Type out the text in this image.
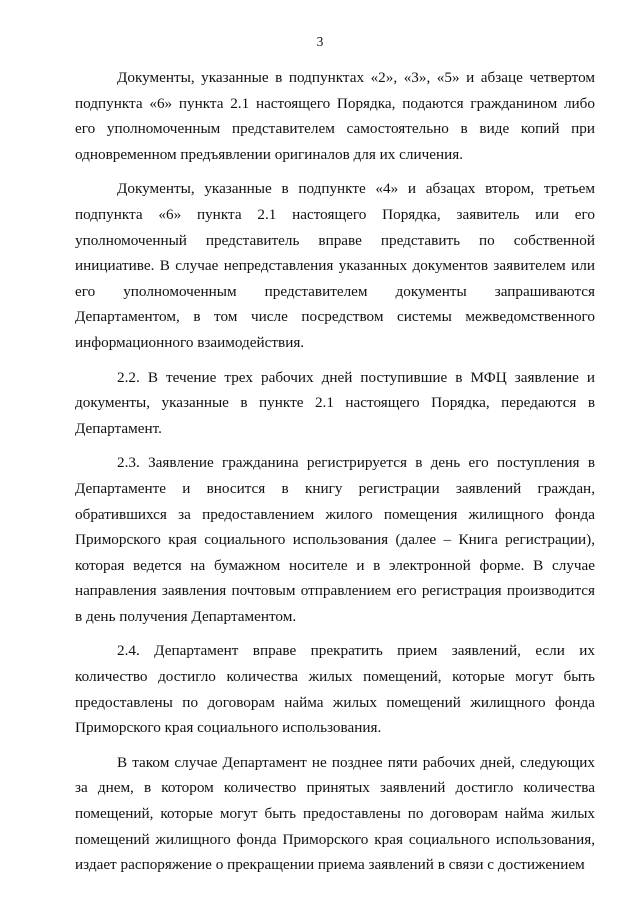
3

Документы, указанные в подпунктах «2», «3», «5» и абзаце четвертом подпункта «6» пункта 2.1 настоящего Порядка, подаются гражданином либо его уполномоченным представителем самостоятельно в виде копий при одновременном предъявлении оригиналов для их сличения.

Документы, указанные в подпункте «4» и абзацах втором, третьем подпункта «6» пункта 2.1 настоящего Порядка, заявитель или его уполномоченный представитель вправе представить по собственной инициативе. В случае непредставления указанных документов заявителем или его уполномоченным представителем документы запрашиваются Департаментом, в том числе посредством системы межведомственного информационного взаимодействия.

2.2. В течение трех рабочих дней поступившие в МФЦ заявление и документы, указанные в пункте 2.1 настоящего Порядка, передаются в Департамент.

2.3. Заявление гражданина регистрируется в день его поступления в Департаменте и вносится в книгу регистрации заявлений граждан, обратившихся за предоставлением жилого помещения жилищного фонда Приморского края социального использования (далее – Книга регистрации), которая ведется на бумажном носителе и в электронной форме. В случае направления заявления почтовым отправлением его регистрация производится в день получения Департаментом.

2.4. Департамент вправе прекратить прием заявлений, если их количество достигло количества жилых помещений, которые могут быть предоставлены по договорам найма жилых помещений жилищного фонда Приморского края социального использования.

В таком случае Департамент не позднее пяти рабочих дней, следующих за днем, в котором количество принятых заявлений достигло количества помещений, которые могут быть предоставлены по договорам найма жилых помещений жилищного фонда Приморского края социального использования, издает распоряжение о прекращении приема заявлений в связи с достижением
